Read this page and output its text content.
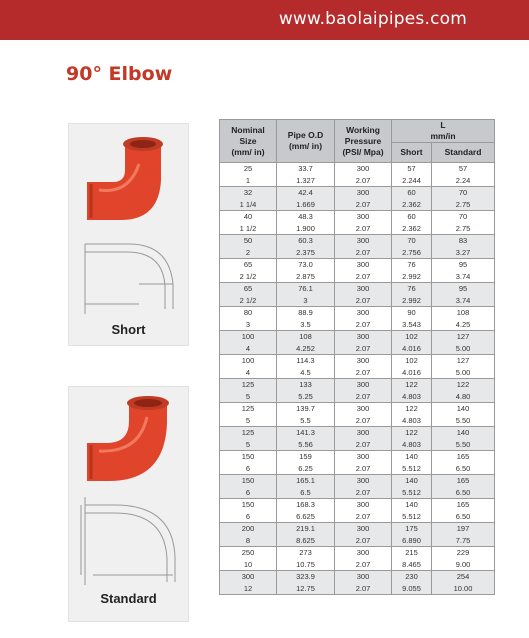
www.baolaipipes.com
90° Elbow
Short
Standard
Nominal
Size
(mm/ in)	Pipe O.D
(mm/ in)	Working
Pressure
(PSI/ Mpa)	L
mm/in	
			Short	Standard
25	33.7	300	57	57
1	1.327	2.07	2.244	2.24
32	42.4	300	60	70
1 1/4	1.669	2.07	2.362	2.75
40	48.3	300	60	70
1 1/2	1.900	2.07	2.362	2.75
50	60.3	300	70	83
2	2.375	2.07	2.756	3.27
65	73.0	300	76	95
2 1/2	2.875	2.07	2.992	3.74
65	76.1	300	76	95
2 1/2	3	2.07	2.992	3.74
80	88.9	300	90	108
3	3.5	2.07	3.543	4.25
100	108	300	102	127
4	4.252	2.07	4.016	5.00
100	114.3	300	102	127
4	4.5	2.07	4.016	5.00
125	133	300	122	122
5	5.25	2.07	4.803	4.80
125	139.7	300	122	140
5	5.5	2.07	4.803	5.50
125	141.3	300	122	140
5	5.56	2.07	4.803	5.50
150	159	300	140	165
6	6.25	2.07	5.512	6.50
150	165.1	300	140	165
6	6.5	2.07	5.512	6.50
150	168.3	300	140	165
6	6.625	2.07	5.512	6.50
200	219.1	300	175	197
8	8.625	2.07	6.890	7.75
250	273	300	215	229
10	10.75	2.07	8.465	9.00
300	323.9	300	230	254
12	12.75	2.07	9.055	10.00
